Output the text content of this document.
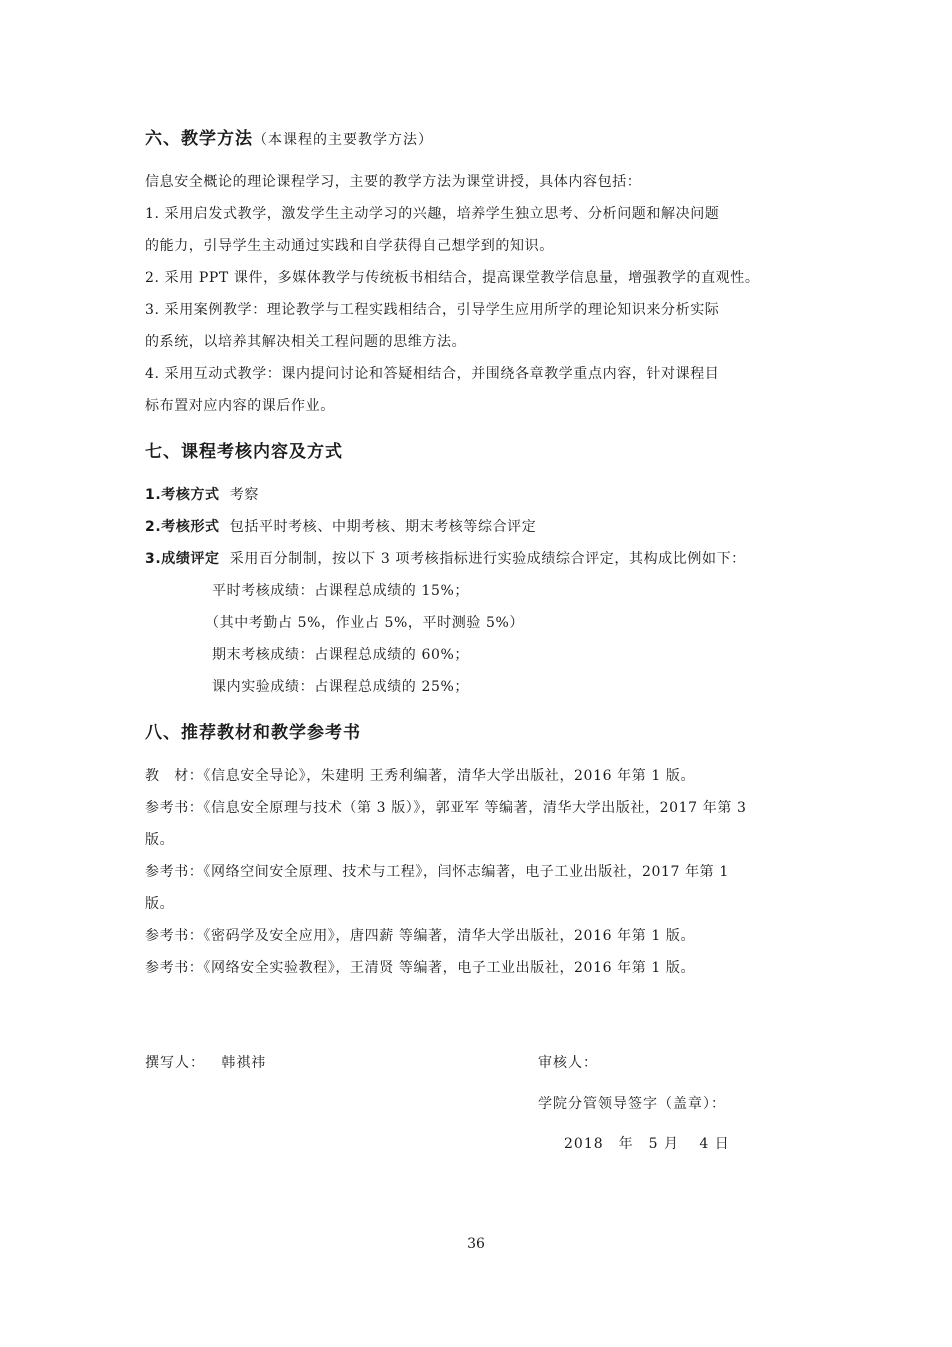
六、教学方法（本课程的主要教学方法）
信息安全概论的理论课程学习，主要的教学方法为课堂讲授，具体内容包括：
1. 采用启发式教学，激发学生主动学习的兴趣，培养学生独立思考、分析问题和解决问题
的能力，引导学生主动通过实践和自学获得自己想学到的知识。
2. 采用 PPT 课件，多媒体教学与传统板书相结合，提高课堂教学信息量，增强教学的直观性。
3. 采用案例教学：理论教学与工程实践相结合，引导学生应用所学的理论知识来分析实际
的系统，以培养其解决相关工程问题的思维方法。
4. 采用互动式教学：课内提问讨论和答疑相结合，并围绕各章教学重点内容，针对课程目
标布置对应内容的课后作业。
七、课程考核内容及方式
1.考核方式 考察
2.考核形式 包括平时考核、中期考核、期末考核等综合评定
3.成绩评定 采用百分制制，按以下 3 项考核指标进行实验成绩综合评定，其构成比例如下：
平时考核成绩：占课程总成绩的 15%；
（其中考勤占 5%，作业占 5%，平时测验 5%）
期末考核成绩：占课程总成绩的 60%；
课内实验成绩：占课程总成绩的 25%；
八、推荐教材和教学参考书
教　材：《信息安全导论》，朱建明 王秀利编著，清华大学出版社，2016 年第 1 版。
参考书：《信息安全原理与技术（第 3 版）》，郭亚军 等编著，清华大学出版社，2017 年第 3
版。
参考书：《网络空间安全原理、技术与工程》，闫怀志编著，电子工业出版社，2017 年第 1
版。
参考书：《密码学及安全应用》，唐四薪 等编著，清华大学出版社，2016 年第 1 版。
参考书：《网络安全实验教程》，王清贤 等编著，电子工业出版社，2016 年第 1 版。
撰写人： 韩祺祎	审核人：
学院分管领导签字（盖章）：
2018　年　5 月　 4 日
36
